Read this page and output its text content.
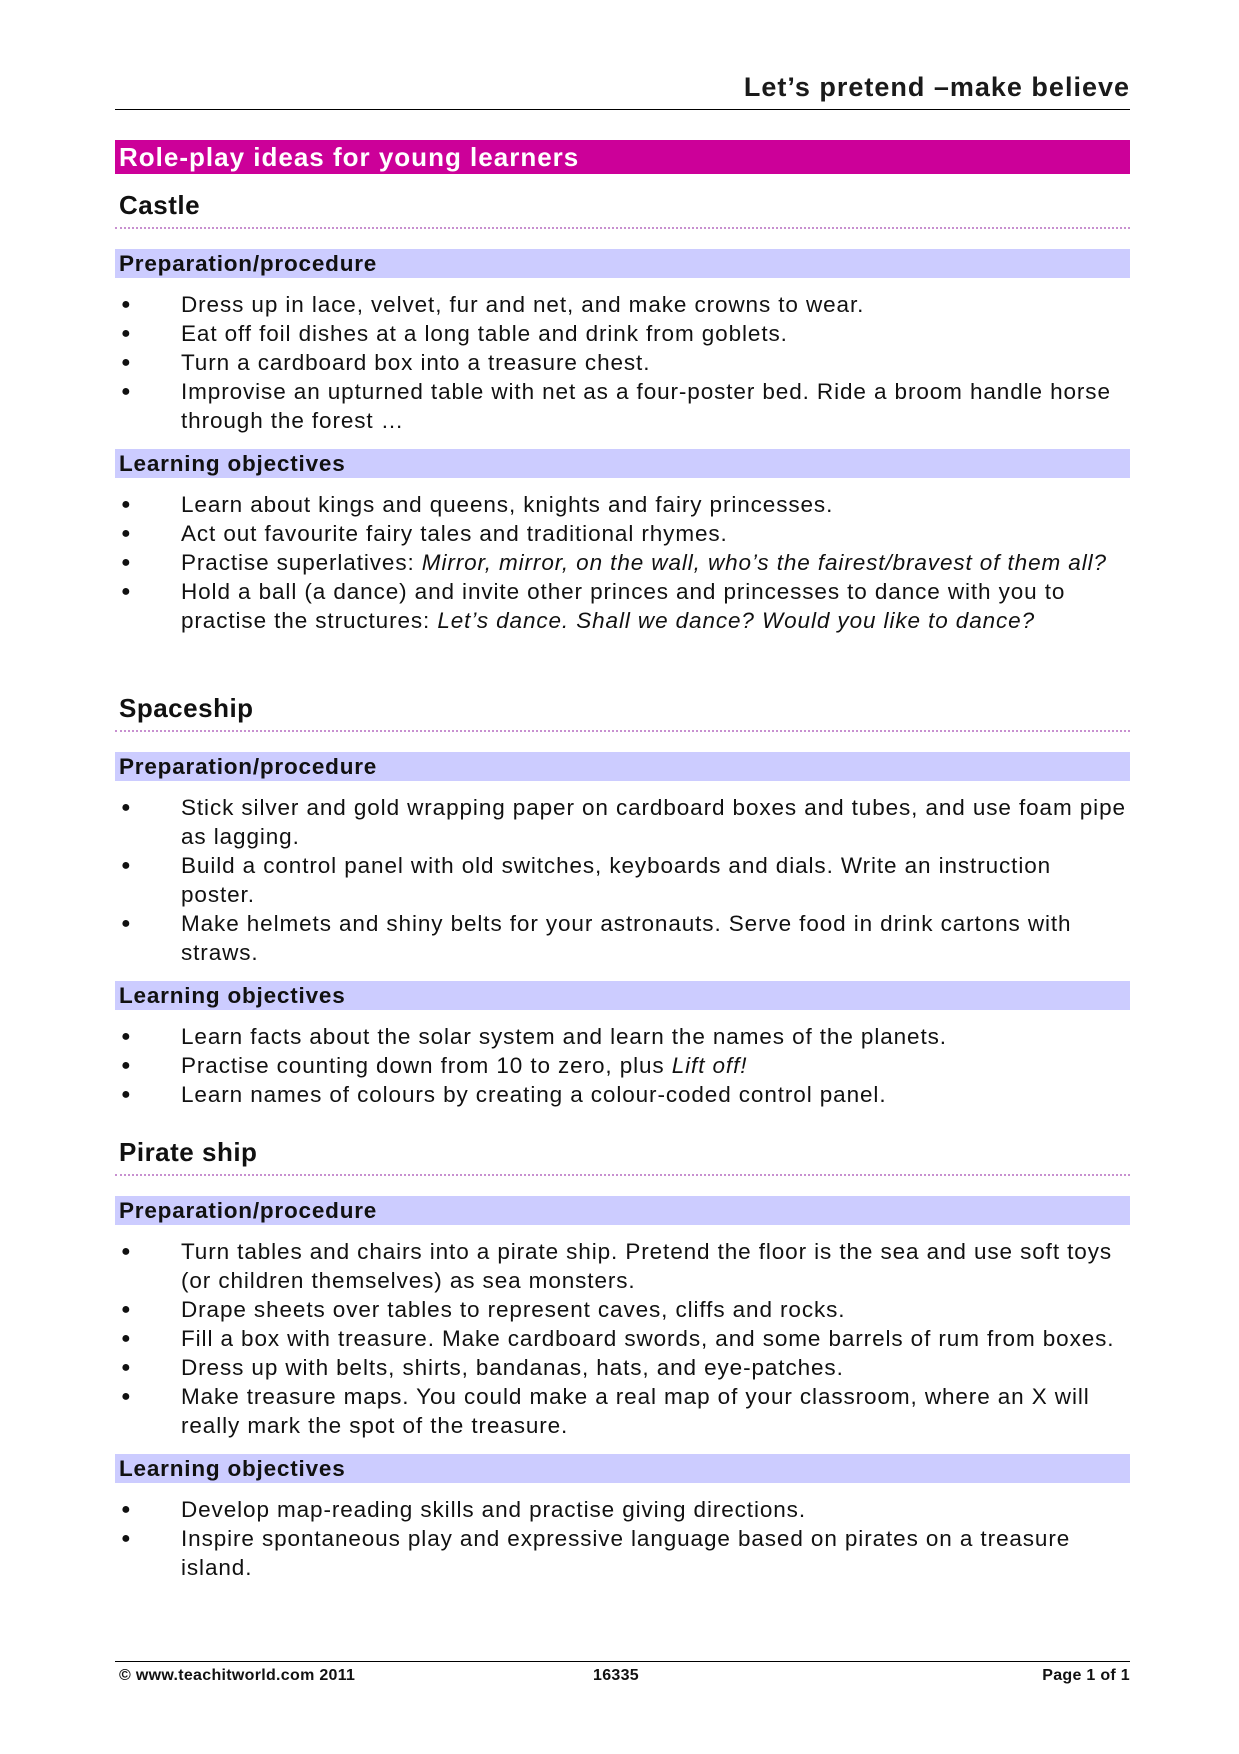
Let’s pretend –make believe
Role-play ideas for young learners
Castle
Preparation/procedure
● Dress up in lace, velvet, fur and net, and make crowns to wear.
● Eat off foil dishes at a long table and drink from goblets.
● Turn a cardboard box into a treasure chest.
● Improvise an upturned table with net as a four-poster bed. Ride a broom handle horse through the forest …
Learning objectives
● Learn about kings and queens, knights and fairy princesses.
● Act out favourite fairy tales and traditional rhymes.
● Practise superlatives: Mirror, mirror, on the wall, who’s the fairest/bravest of them all?
● Hold a ball (a dance) and invite other princes and princesses to dance with you to practise the structures: Let’s dance. Shall we dance? Would you like to dance?
Spaceship
Preparation/procedure
● Stick silver and gold wrapping paper on cardboard boxes and tubes, and use foam pipe as lagging.
● Build a control panel with old switches, keyboards and dials. Write an instruction poster.
● Make helmets and shiny belts for your astronauts. Serve food in drink cartons with straws.
Learning objectives
● Learn facts about the solar system and learn the names of the planets.
● Practise counting down from 10 to zero, plus Lift off!
● Learn names of colours by creating a colour-coded control panel.
Pirate ship
Preparation/procedure
● Turn tables and chairs into a pirate ship. Pretend the floor is the sea and use soft toys (or children themselves) as sea monsters.
● Drape sheets over tables to represent caves, cliffs and rocks.
● Fill a box with treasure. Make cardboard swords, and some barrels of rum from boxes.
● Dress up with belts, shirts, bandanas, hats, and eye-patches.
● Make treasure maps. You could make a real map of your classroom, where an X will really mark the spot of the treasure.
Learning objectives
● Develop map-reading skills and practise giving directions.
● Inspire spontaneous play and expressive language based on pirates on a treasure island.
© www.teachitworld.com 2011	16335	Page 1 of 1
